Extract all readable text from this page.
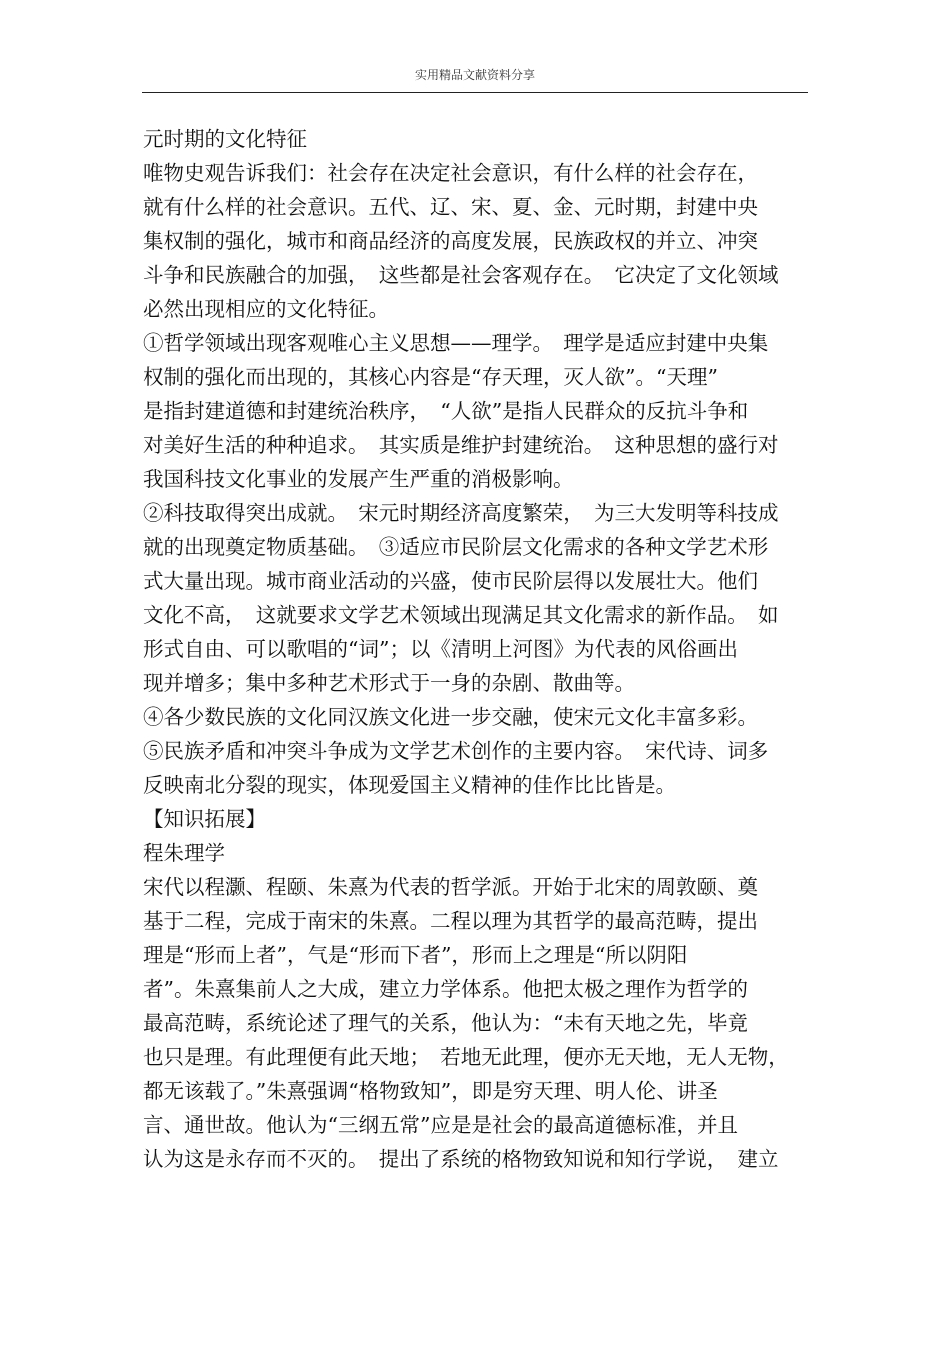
实用精品文献资料分享
元时期的文化特征
唯物史观告诉我们：社会存在决定社会意识，有什么样的社会存在，
就有什么样的社会意识。五代、辽、宋、夏、金、元时期，封建中央
集权制的强化，城市和商品经济的高度发展，民族政权的并立、冲突
斗争和民族融合的加强，　这些都是社会客观存在。　它决定了文化领域
必然出现相应的文化特征。
①哲学领域出现客观唯心主义思想——理学。　理学是适应封建中央集
权制的强化而出现的，其核心内容是“存天理，灭人欲”。“天理”
是指封建道德和封建统治秩序，　“人欲”是指人民群众的反抗斗争和
对美好生活的种种追求。　其实质是维护封建统治。　这种思想的盛行对
我国科技文化事业的发展产生严重的消极影响。
②科技取得突出成就。　宋元时期经济高度繁荣，　为三大发明等科技成
就的出现奠定物质基础。　③适应市民阶层文化需求的各种文学艺术形
式大量出现。城市商业活动的兴盛，使市民阶层得以发展壮大。他们
文化不高，　这就要求文学艺术领域出现满足其文化需求的新作品。　如
形式自由、可以歌唱的“词”；以《清明上河图》为代表的风俗画出
现并增多；集中多种艺术形式于一身的杂剧、散曲等。
④各少数民族的文化同汉族文化进一步交融，使宋元文化丰富多彩。
⑤民族矛盾和冲突斗争成为文学艺术创作的主要内容。　宋代诗、词多
反映南北分裂的现实，体现爱国主义精神的佳作比比皆是。
【知识拓展】
程朱理学
宋代以程灏、程颐、朱熹为代表的哲学派。开始于北宋的周敦颐、奠
基于二程，完成于南宋的朱熹。二程以理为其哲学的最高范畴，提出
理是“形而上者”，气是“形而下者”，形而上之理是“所以阴阳
者”。朱熹集前人之大成，建立力学体系。他把太极之理作为哲学的
最高范畴，系统论述了理气的关系，他认为：“未有天地之先，毕竟
也只是理。有此理便有此天地；　若地无此理，便亦无天地，无人无物，
都无该载了。”朱熹强调“格物致知”，即是穷天理、明人伦、讲圣
言、通世故。他认为“三纲五常”应是是社会的最高道德标准，并且
认为这是永存而不灭的。　提出了系统的格物致知说和知行学说，　建立
